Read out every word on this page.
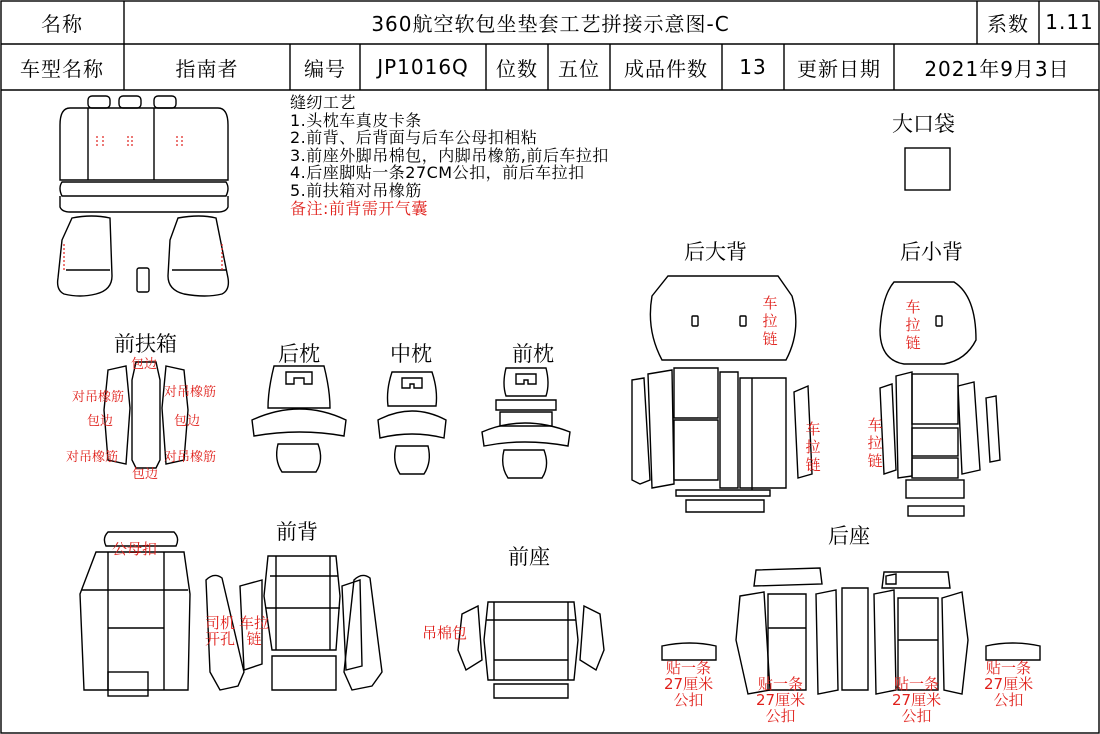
名称	360航空软包坐垫套工艺拼接示意图-C	系数 1.11
车型名称	指南者	编号	JP1016Q	位数	五位	成品件数	13	更新日期	2021年9月3日
缝纫工艺
1.头枕车真皮卡条
2.前背、后背面与后车公母扣相粘
3.前座外脚吊棉包，内脚吊橡筋,前后车拉扣
4.后座脚贴一条27CM公扣，前后车拉扣
5.前扶箱对吊橡筋
备注:前背需开气囊
大口袋
后大背	后小背
前扶箱	后枕	中枕	前枕
前背
前座
后座
包边
对吊橡筋	对吊橡筋
包边	包边
对吊橡筋	对吊橡筋
包边
车拉链
车拉链
车拉链
车拉链
公母扣
司机开孔
车拉链	吊棉包
贴一条
27厘米
公扣
贴一条
27厘米
公扣
贴一条
27厘米
公扣
贴一条
27厘米
公扣
